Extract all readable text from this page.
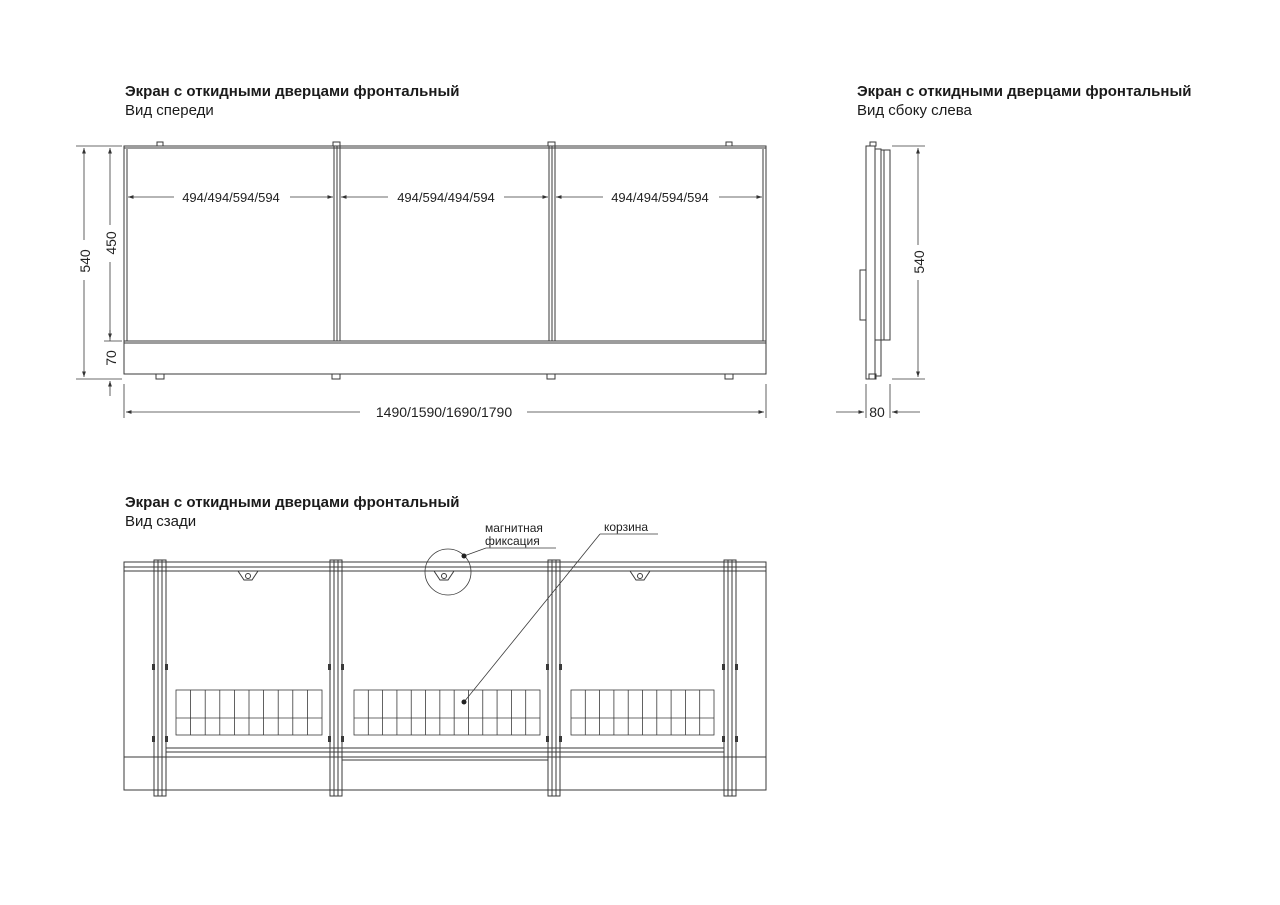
Экран с откидными дверцами фронтальный
Вид спереди
Экран с откидными дверцами фронтальный
Вид сбоку слева
Экран с откидными дверцами фронтальный
Вид сзади
494/494/594/594	494/594/494/594	494/494/594/594
540
450
70
1490/1590/1690/1790
540
80
магнитная
фиксация
корзина
